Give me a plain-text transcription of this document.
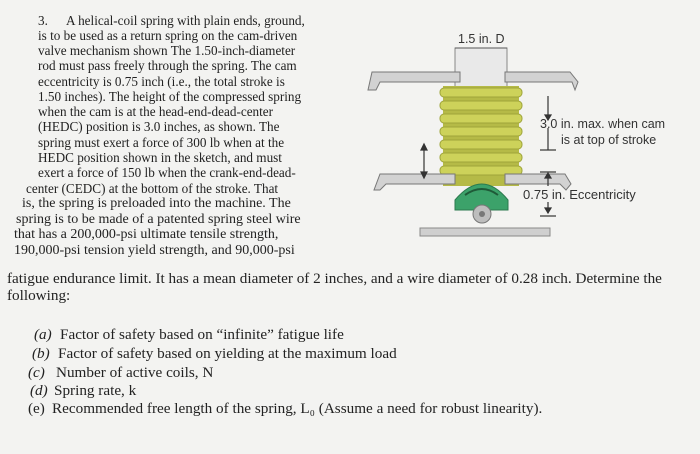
1.5 in. D
3.0 in. max. when cam
is at top of stroke
0.75 in. Eccentricity
3. A helical-coil spring with plain ends, ground,
is to be used as a return spring on the cam-driven
valve mechanism shown The 1.50-inch-diameter
rod must pass freely through the spring. The cam
eccentricity is 0.75 inch (i.e., the total stroke is
1.50 inches). The height of the compressed spring
when the cam is at the head-end-dead-center
(HEDC) position is 3.0 inches, as shown. The
spring must exert a force of 300 lb when at the
HEDC position shown in the sketch, and must
exert a force of 150 lb when the crank-end-dead-
center (CEDC) at the bottom of the stroke. That
is, the spring is preloaded into the machine. The
spring is to be made of a patented spring steel wire
that has a 200,000-psi ultimate tensile strength,
190,000-psi tension yield strength, and 90,000-psi
fatigue endurance limit. It has a mean diameter of 2 inches, and a wire diameter of 0.28 inch. Determine the
following:
(a) Factor of safety based on “infinite” fatigue life
(b) Factor of safety based on yielding at the maximum load
(c) Number of active coils, N
(d) Spring rate, k
(e) Recommended free length of the spring, L₀ (Assume a need for robust linearity).
